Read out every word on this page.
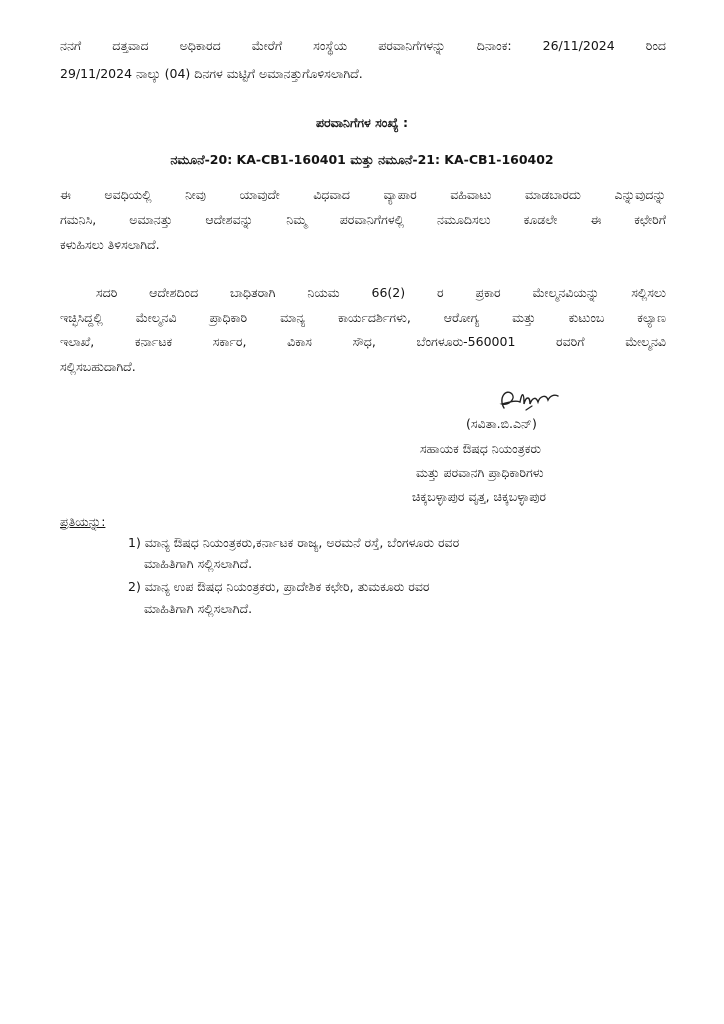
ನನಗೆ ದತ್ತವಾದ ಅಧಿಕಾರದ ಮೇರೆಗೆ ಸಂಸ್ಥೆಯ ಪರವಾನಿಗೆಗಳನ್ನು ದಿನಾಂಕ: 26/11/2024 ರಿಂದ
29/11/2024 ನಾಲ್ಕು (04) ದಿನಗಳ ಮಟ್ಟಿಗೆ ಅಮಾನತ್ತುಗೊಳಿಸಲಾಗಿದೆ.
ಪರವಾನಿಗೆಗಳ ಸಂಖ್ಯೆ :
ನಮೂನೆ-20: KA-CB1-160401 ಮತ್ತು ನಮೂನೆ-21: KA-CB1-160402
ಈ ಅವಧಿಯಲ್ಲಿ ನೀವು ಯಾವುದೇ ವಿಧವಾದ ವ್ಯಾಪಾರ ವಹಿವಾಟು ಮಾಡಬಾರದು ಎನ್ನುವುದನ್ನು
ಗಮನಿಸಿ, ಅಮಾನತ್ತು ಆದೇಶವನ್ನು ನಿಮ್ಮ ಪರವಾನಿಗೆಗಳಲ್ಲಿ ನಮೂದಿಸಲು ಕೂಡಲೇ ಈ ಕಛೇರಿಗೆ
ಕಳುಹಿಸಲು ತಿಳಿಸಲಾಗಿದೆ.
ಸದರಿ ಆದೇಶದಿಂದ ಬಾಧಿತರಾಗಿ ನಿಯಮ 66(2) ರ ಪ್ರಕಾರ ಮೇಲ್ಮನವಿಯನ್ನು ಸಲ್ಲಿಸಲು
ಇಚ್ಛಿಸಿದ್ದಲ್ಲಿ ಮೇಲ್ಮನವಿ ಪ್ರಾಧಿಕಾರಿ ಮಾನ್ಯ ಕಾರ್ಯದರ್ಶಿಗಳು, ಆರೋಗ್ಯ ಮತ್ತು ಕುಟುಂಬ ಕಲ್ಯಾಣ
ಇಲಾಖೆ, ಕರ್ನಾಟಕ ಸರ್ಕಾರ, ವಿಕಾಸ ಸೌಧ, ಬೆಂಗಳೂರು-560001 ರವರಿಗೆ ಮೇಲ್ಮನವಿ
ಸಲ್ಲಿಸಬಹುದಾಗಿದೆ.
(ಸವಿತಾ.ಬಿ.ಎನ್)
ಸಹಾಯಕ ಔಷಧ ನಿಯಂತ್ರಕರು
ಮತ್ತು ಪರವಾನಗಿ ಪ್ರಾಧಿಕಾರಿಗಳು
ಚಿಕ್ಕಬಳ್ಳಾಪುರ ವೃತ್ತ, ಚಿಕ್ಕಬಳ್ಳಾಪುರ
ಪ್ರತಿಯನ್ನು:
1) ಮಾನ್ಯ ಔಷಧ ನಿಯಂತ್ರಕರು,ಕರ್ನಾಟಕ ರಾಜ್ಯ, ಅರಮನೆ ರಸ್ತೆ, ಬೆಂಗಳೂರು ರವರ
ಮಾಹಿತಿಗಾಗಿ ಸಲ್ಲಿಸಲಾಗಿದೆ.
2) ಮಾನ್ಯ ಉಪ ಔಷಧ ನಿಯಂತ್ರಕರು, ಪ್ರಾದೇಶಿಕ ಕಛೇರಿ, ತುಮಕೂರು ರವರ
ಮಾಹಿತಿಗಾಗಿ ಸಲ್ಲಿಸಲಾಗಿದೆ.
